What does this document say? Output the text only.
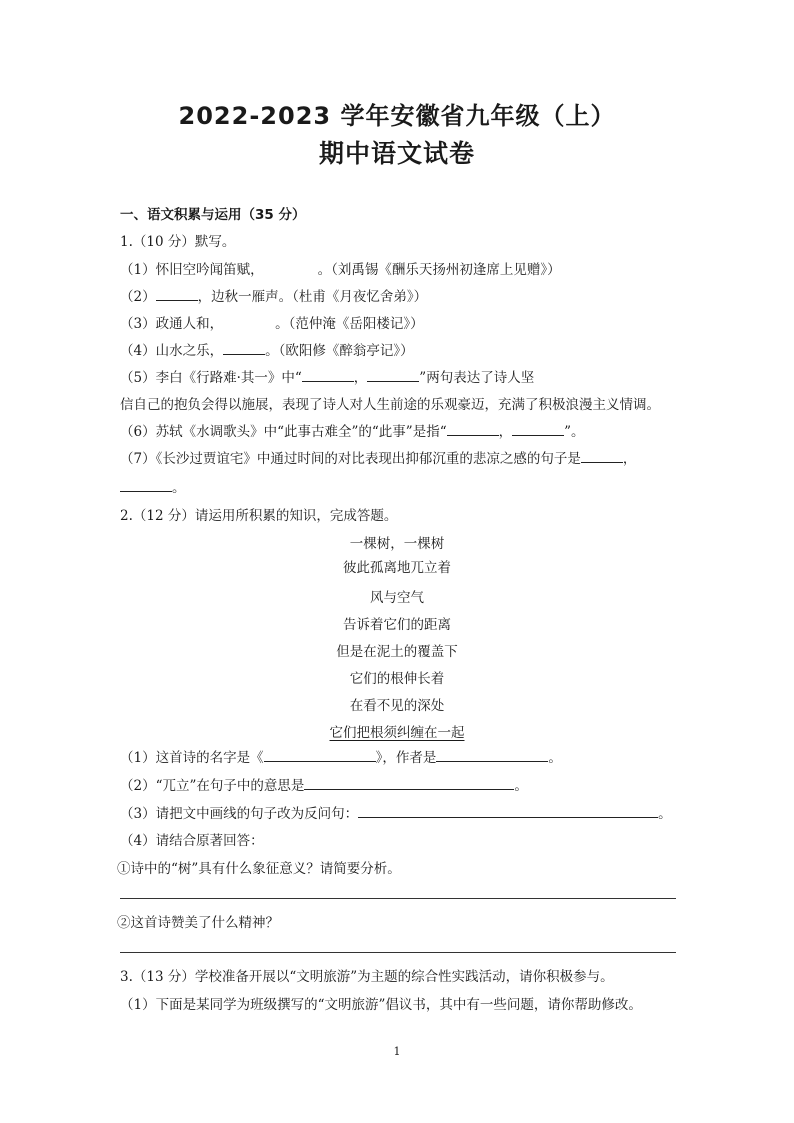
2022-2023 学年安徽省九年级（上）
期中语文试卷
一、语文积累与运用（35 分）
1.（10 分）默写。
（1）怀旧空吟闻笛赋，	。（刘禹锡《酬乐天扬州初逢席上见赠》）
（2）	，边秋一雁声。（杜甫《月夜忆舍弟》）
（3）政通人和，	。（范仲淹《岳阳楼记》）
（4）山水之乐，	。（欧阳修《醉翁亭记》）
（5）李白《行路难·其一》中“	，	”两句表达了诗人坚
信自己的抱负会得以施展，表现了诗人对人生前途的乐观豪迈，充满了积极浪漫主义情调。
（6）苏轼《水调歌头》中“此事古难全”的“此事”是指“	，	”。
（7）《长沙过贾谊宅》中通过时间的对比表现出抑郁沉重的悲凉之感的句子是	，
。
2.（12 分）请运用所积累的知识，完成答题。
一棵树，一棵树
彼此孤离地兀立着
风与空气
告诉着它们的距离
但是在泥土的覆盖下
它们的根伸长着
在看不见的深处
它们把根须纠缠在一起
（1）这首诗的名字是《	》，作者是	。
（2）“兀立”在句子中的意思是	。
（3）请把文中画线的句子改为反问句：	。
（4）请结合原著回答：
①诗中的“树”具有什么象征意义？请简要分析。
②这首诗赞美了什么精神？
3.（13 分）学校准备开展以“文明旅游”为主题的综合性实践活动，请你积极参与。
（1）下面是某同学为班级撰写的“文明旅游”倡议书，其中有一些问题，请你帮助修改。
1
